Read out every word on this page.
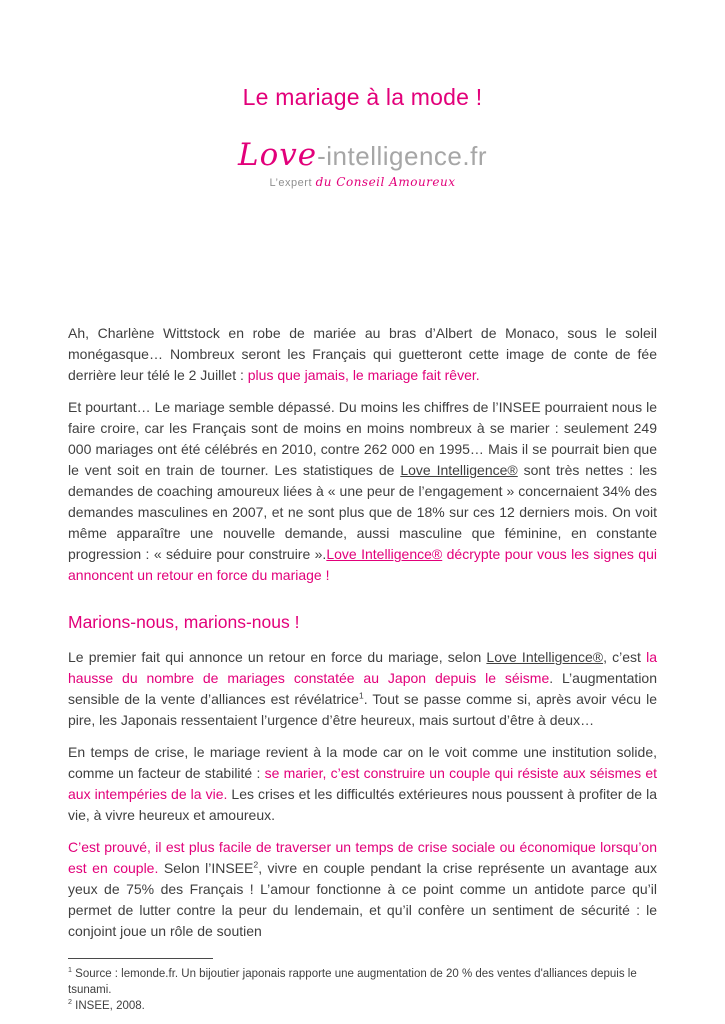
Le mariage à la mode !
Love-intelligence.fr
L’expert du Conseil Amoureux

Ah, Charlène Wittstock en robe de mariée au bras d’Albert de Monaco, sous le soleil monégasque… Nombreux seront les Français qui guetteront cette image de conte de fée derrière leur télé le 2 Juillet : plus que jamais, le mariage fait rêver.

Et pourtant… Le mariage semble dépassé. Du moins les chiffres de l’INSEE pourraient nous le faire croire, car les Français sont de moins en moins nombreux à se marier : seulement 249 000 mariages ont été célébrés en 2010, contre 262 000 en 1995… Mais il se pourrait bien que le vent soit en train de tourner. Les statistiques de Love Intelligence® sont très nettes : les demandes de coaching amoureux liées à « une peur de l’engagement » concernaient 34% des demandes masculines en 2007, et ne sont plus que de 18% sur ces 12 derniers mois. On voit même apparaître une nouvelle demande, aussi masculine que féminine, en constante progression : « séduire pour construire ».Love Intelligence® décrypte pour vous les signes qui annoncent un retour en force du mariage !

Marions-nous, marions-nous !

Le premier fait qui annonce un retour en force du mariage, selon Love Intelligence®, c’est la hausse du nombre de mariages constatée au Japon depuis le séisme. L’augmentation sensible de la vente d’alliances est révélatrice$^1$. Tout se passe comme si, après avoir vécu le pire, les Japonais ressentaient l’urgence d’être heureux, mais surtout d’être à deux…

En temps de crise, le mariage revient à la mode car on le voit comme une institution solide, comme un facteur de stabilité : se marier, c’est construire un couple qui résiste aux séismes et aux intempéries de la vie. Les crises et les difficultés extérieures nous poussent à profiter de la vie, à vivre heureux et amoureux.

C’est prouvé, il est plus facile de traverser un temps de crise sociale ou économique lorsqu’on est en couple. Selon l’INSEE$^2$, vivre en couple pendant la crise représente un avantage aux yeux de 75% des Français ! L’amour fonctionne à ce point comme un antidote parce qu’il permet de lutter contre la peur du lendemain, et qu’il confère un sentiment de sécurité : le conjoint joue un rôle de soutien

$^1$ Source : lemonde.fr. Un bijoutier japonais rapporte une augmentation de 20 % des ventes d'alliances depuis le tsunami.

$^2$ INSEE, 2008.
